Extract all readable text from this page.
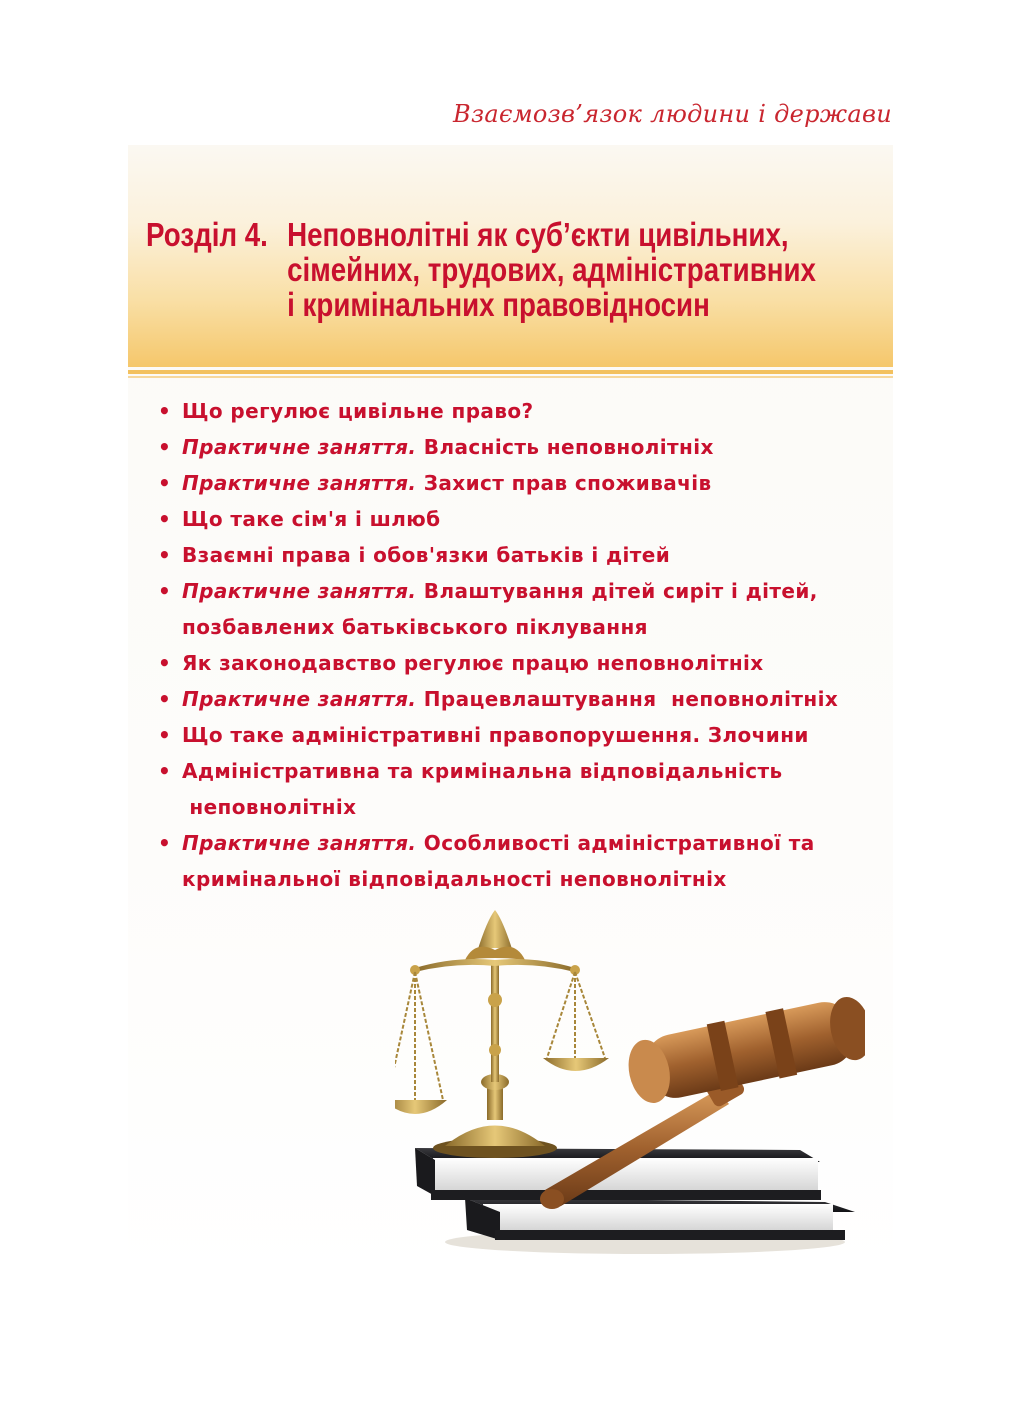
Взаємозв’язок людини і держави
Розділ 4. Неповнолітні як суб’єкти цивільних,
сімейних, трудових, адміністративних
і кримінальних правовідносин
• Що регулює цивільне право?
• Практичне заняття. Власність неповнолітніх
• Практичне заняття. Захист прав споживачів
• Що таке сім'я і шлюб
• Взаємні права і обов'язки батьків і дітей
• Практичне заняття. Влаштування дітей сиріт і дітей,
позбавлених батьківського піклування
• Як законодавство регулює працю неповнолітніх
• Практичне заняття. Працевлаштування  неповнолітніх
• Що таке адміністративні правопорушення. Злочини
• Адміністративна та кримінальна відповідальність
неповнолітніх
• Практичне заняття. Особливості адміністративної та
кримінальної відповідальності неповнолітніх
